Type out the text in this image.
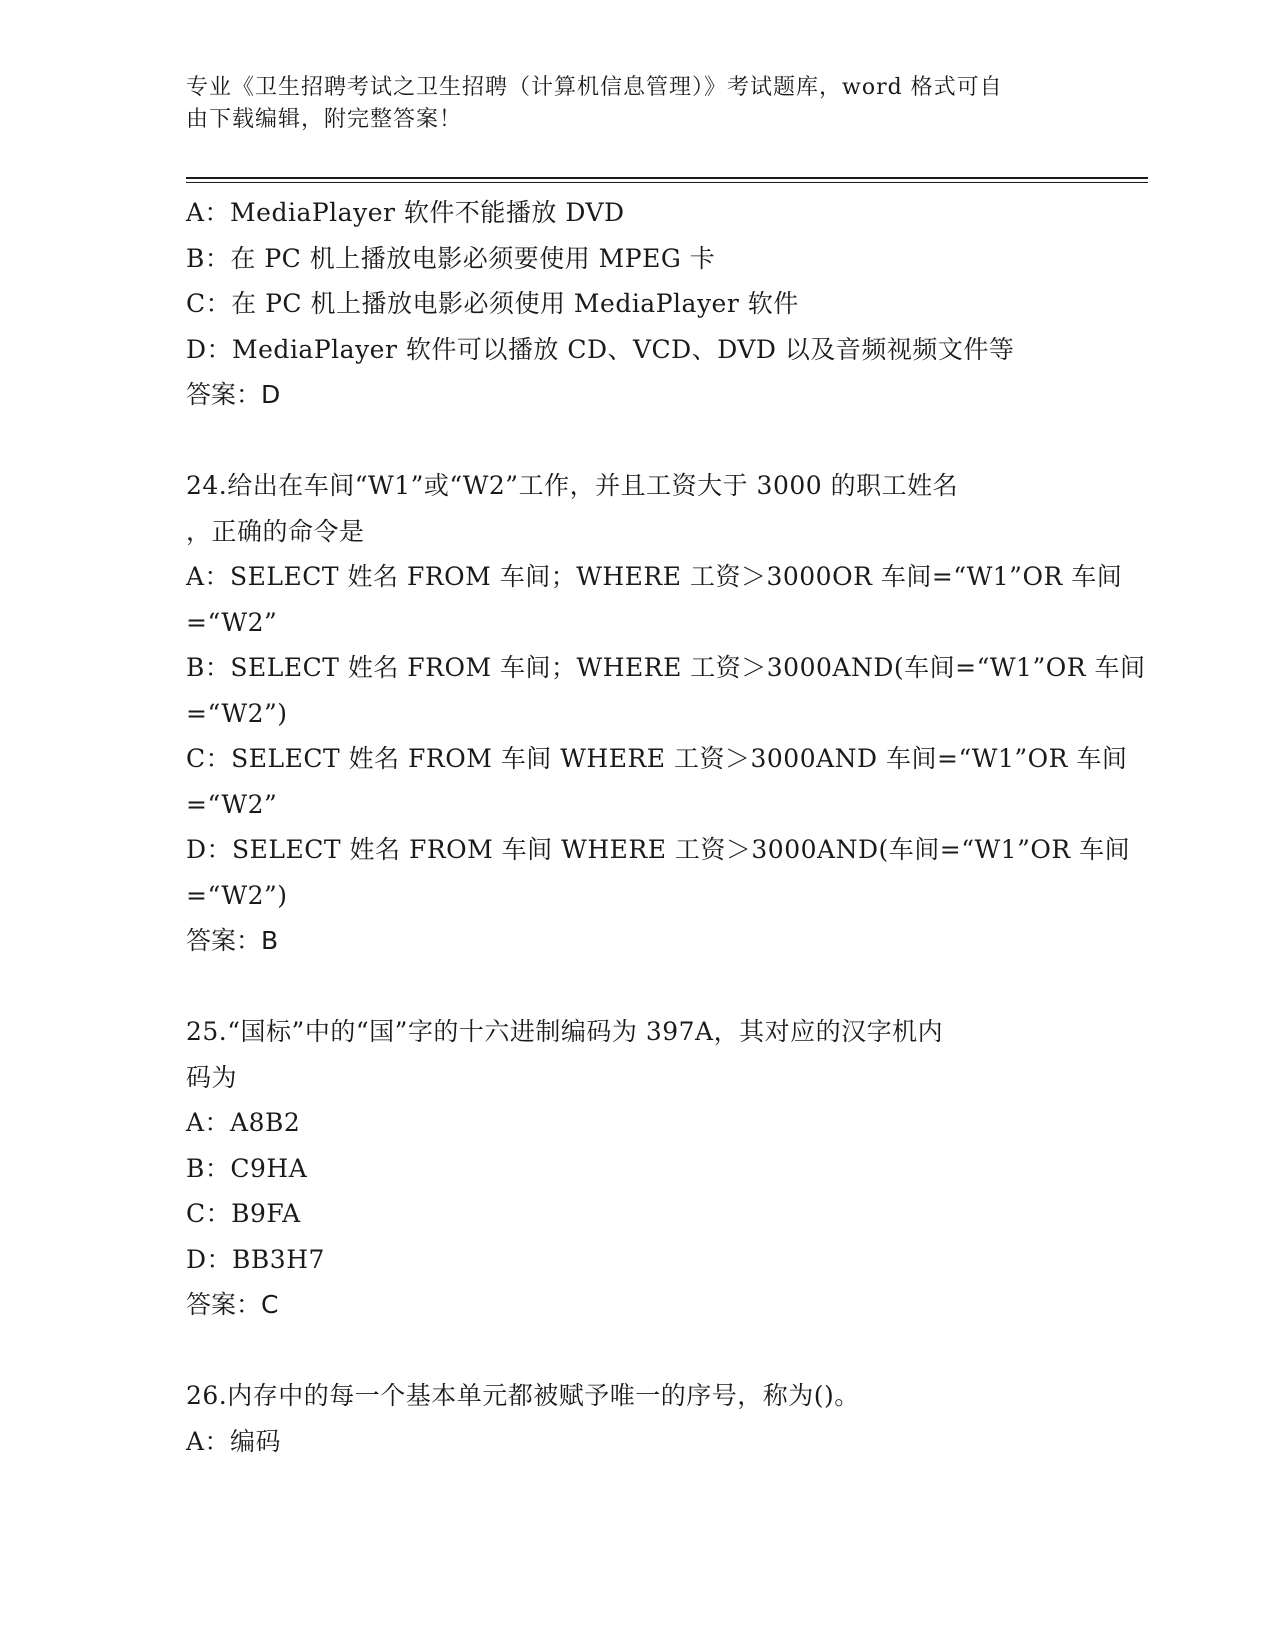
专业《卫生招聘考试之卫生招聘（计算机信息管理）》考试题库，word 格式可自
由下载编辑，附完整答案！
A：MediaPlayer 软件不能播放 DVD
B：在 PC 机上播放电影必须要使用 MPEG 卡
C：在 PC 机上播放电影必须使用 MediaPlayer 软件
D：MediaPlayer 软件可以播放 CD、VCD、DVD 以及音频视频文件等
答案：D
24.给出在车间“W1”或“W2”工作，并且工资大于 3000 的职工姓名
，正确的命令是
A：SELECT 姓名 FROM 车间；WHERE 工资＞3000OR 车间=“W1”OR 车间
=“W2”
B：SELECT 姓名 FROM 车间；WHERE 工资＞3000AND(车间=“W1”OR 车间
=“W2”)
C：SELECT 姓名 FROM 车间 WHERE 工资＞3000AND 车间=“W1”OR 车间
=“W2”
D：SELECT 姓名 FROM 车间 WHERE 工资＞3000AND(车间=“W1”OR 车间
=“W2”)
答案：B
25.“国标”中的“国”字的十六进制编码为 397A，其对应的汉字机内
码为
A：A8B2
B：C9HA
C：B9FA
D：BB3H7
答案：C
26.内存中的每一个基本单元都被赋予唯一的序号，称为()。
A：编码
